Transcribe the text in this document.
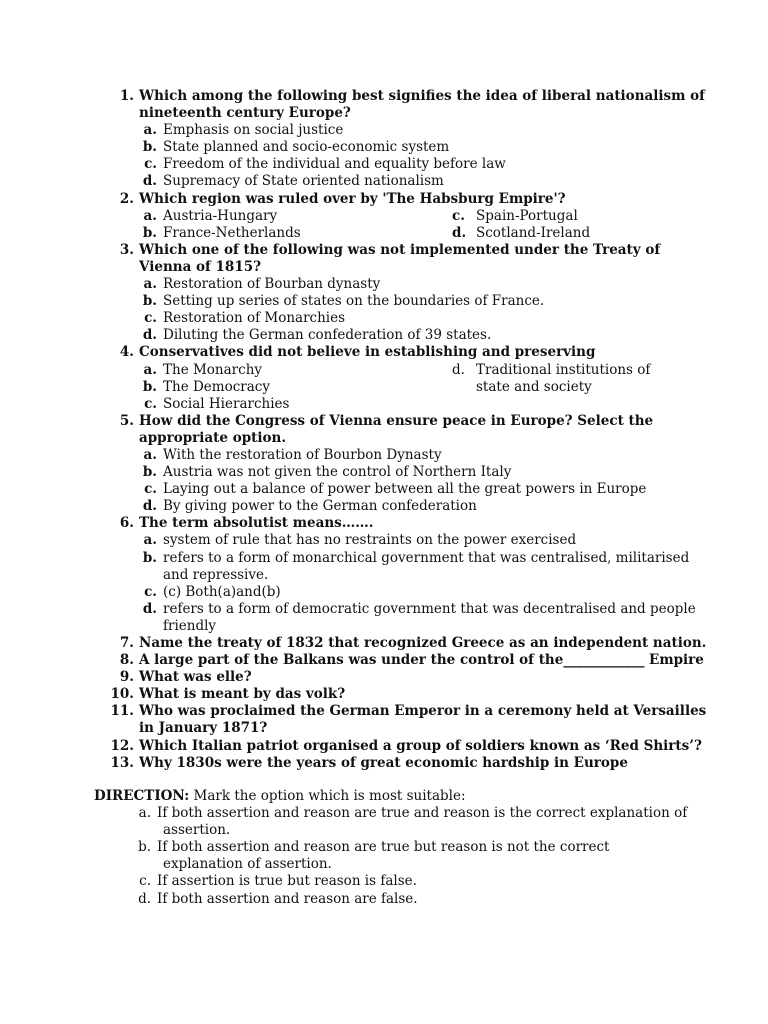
1. Which among the following best signifies the idea of liberal nationalism of
nineteenth century Europe?
a. Emphasis on social justice
b. State planned and socio-economic system
c. Freedom of the individual and equality before law
d. Supremacy of State oriented nationalism
2. Which region was ruled over by 'The Habsburg Empire'?
a. Austria-Hungary	c. Spain-Portugal
b. France-Netherlands	d. Scotland-Ireland
3. Which one of the following was not implemented under the Treaty of
Vienna of 1815?
a. Restoration of Bourban dynasty
b. Setting up series of states on the boundaries of France.
c. Restoration of Monarchies
d. Diluting the German confederation of 39 states.
4. Conservatives did not believe in establishing and preserving
a. The Monarchy	d. Traditional institutions of
b. The Democracy	state and society
c. Social Hierarchies
5. How did the Congress of Vienna ensure peace in Europe? Select the
appropriate option.
a. With the restoration of Bourbon Dynasty
b. Austria was not given the control of Northern Italy
c. Laying out a balance of power between all the great powers in Europe
d. By giving power to the German confederation
6. The term absolutist means…….
a. system of rule that has no restraints on the power exercised
b. refers to a form of monarchical government that was centralised, militarised
and repressive.
c. (c) Both(a)and(b)
d. refers to a form of democratic government that was decentralised and people
friendly
7. Name the treaty of 1832 that recognized Greece as an independent nation.
8. A large part of the Balkans was under the control of the____________ Empire
9. What was elle?
10. What is meant by das volk?
11. Who was proclaimed the German Emperor in a ceremony held at Versailles
in January 1871?
12. Which Italian patriot organised a group of soldiers known as ‘Red Shirts’?
13. Why 1830s were the years of great economic hardship in Europe
DIRECTION: Mark the option which is most suitable:
a. If both assertion and reason are true and reason is the correct explanation of
assertion.
b. If both assertion and reason are true but reason is not the correct
explanation of assertion.
c. If assertion is true but reason is false.
d. If both assertion and reason are false.
